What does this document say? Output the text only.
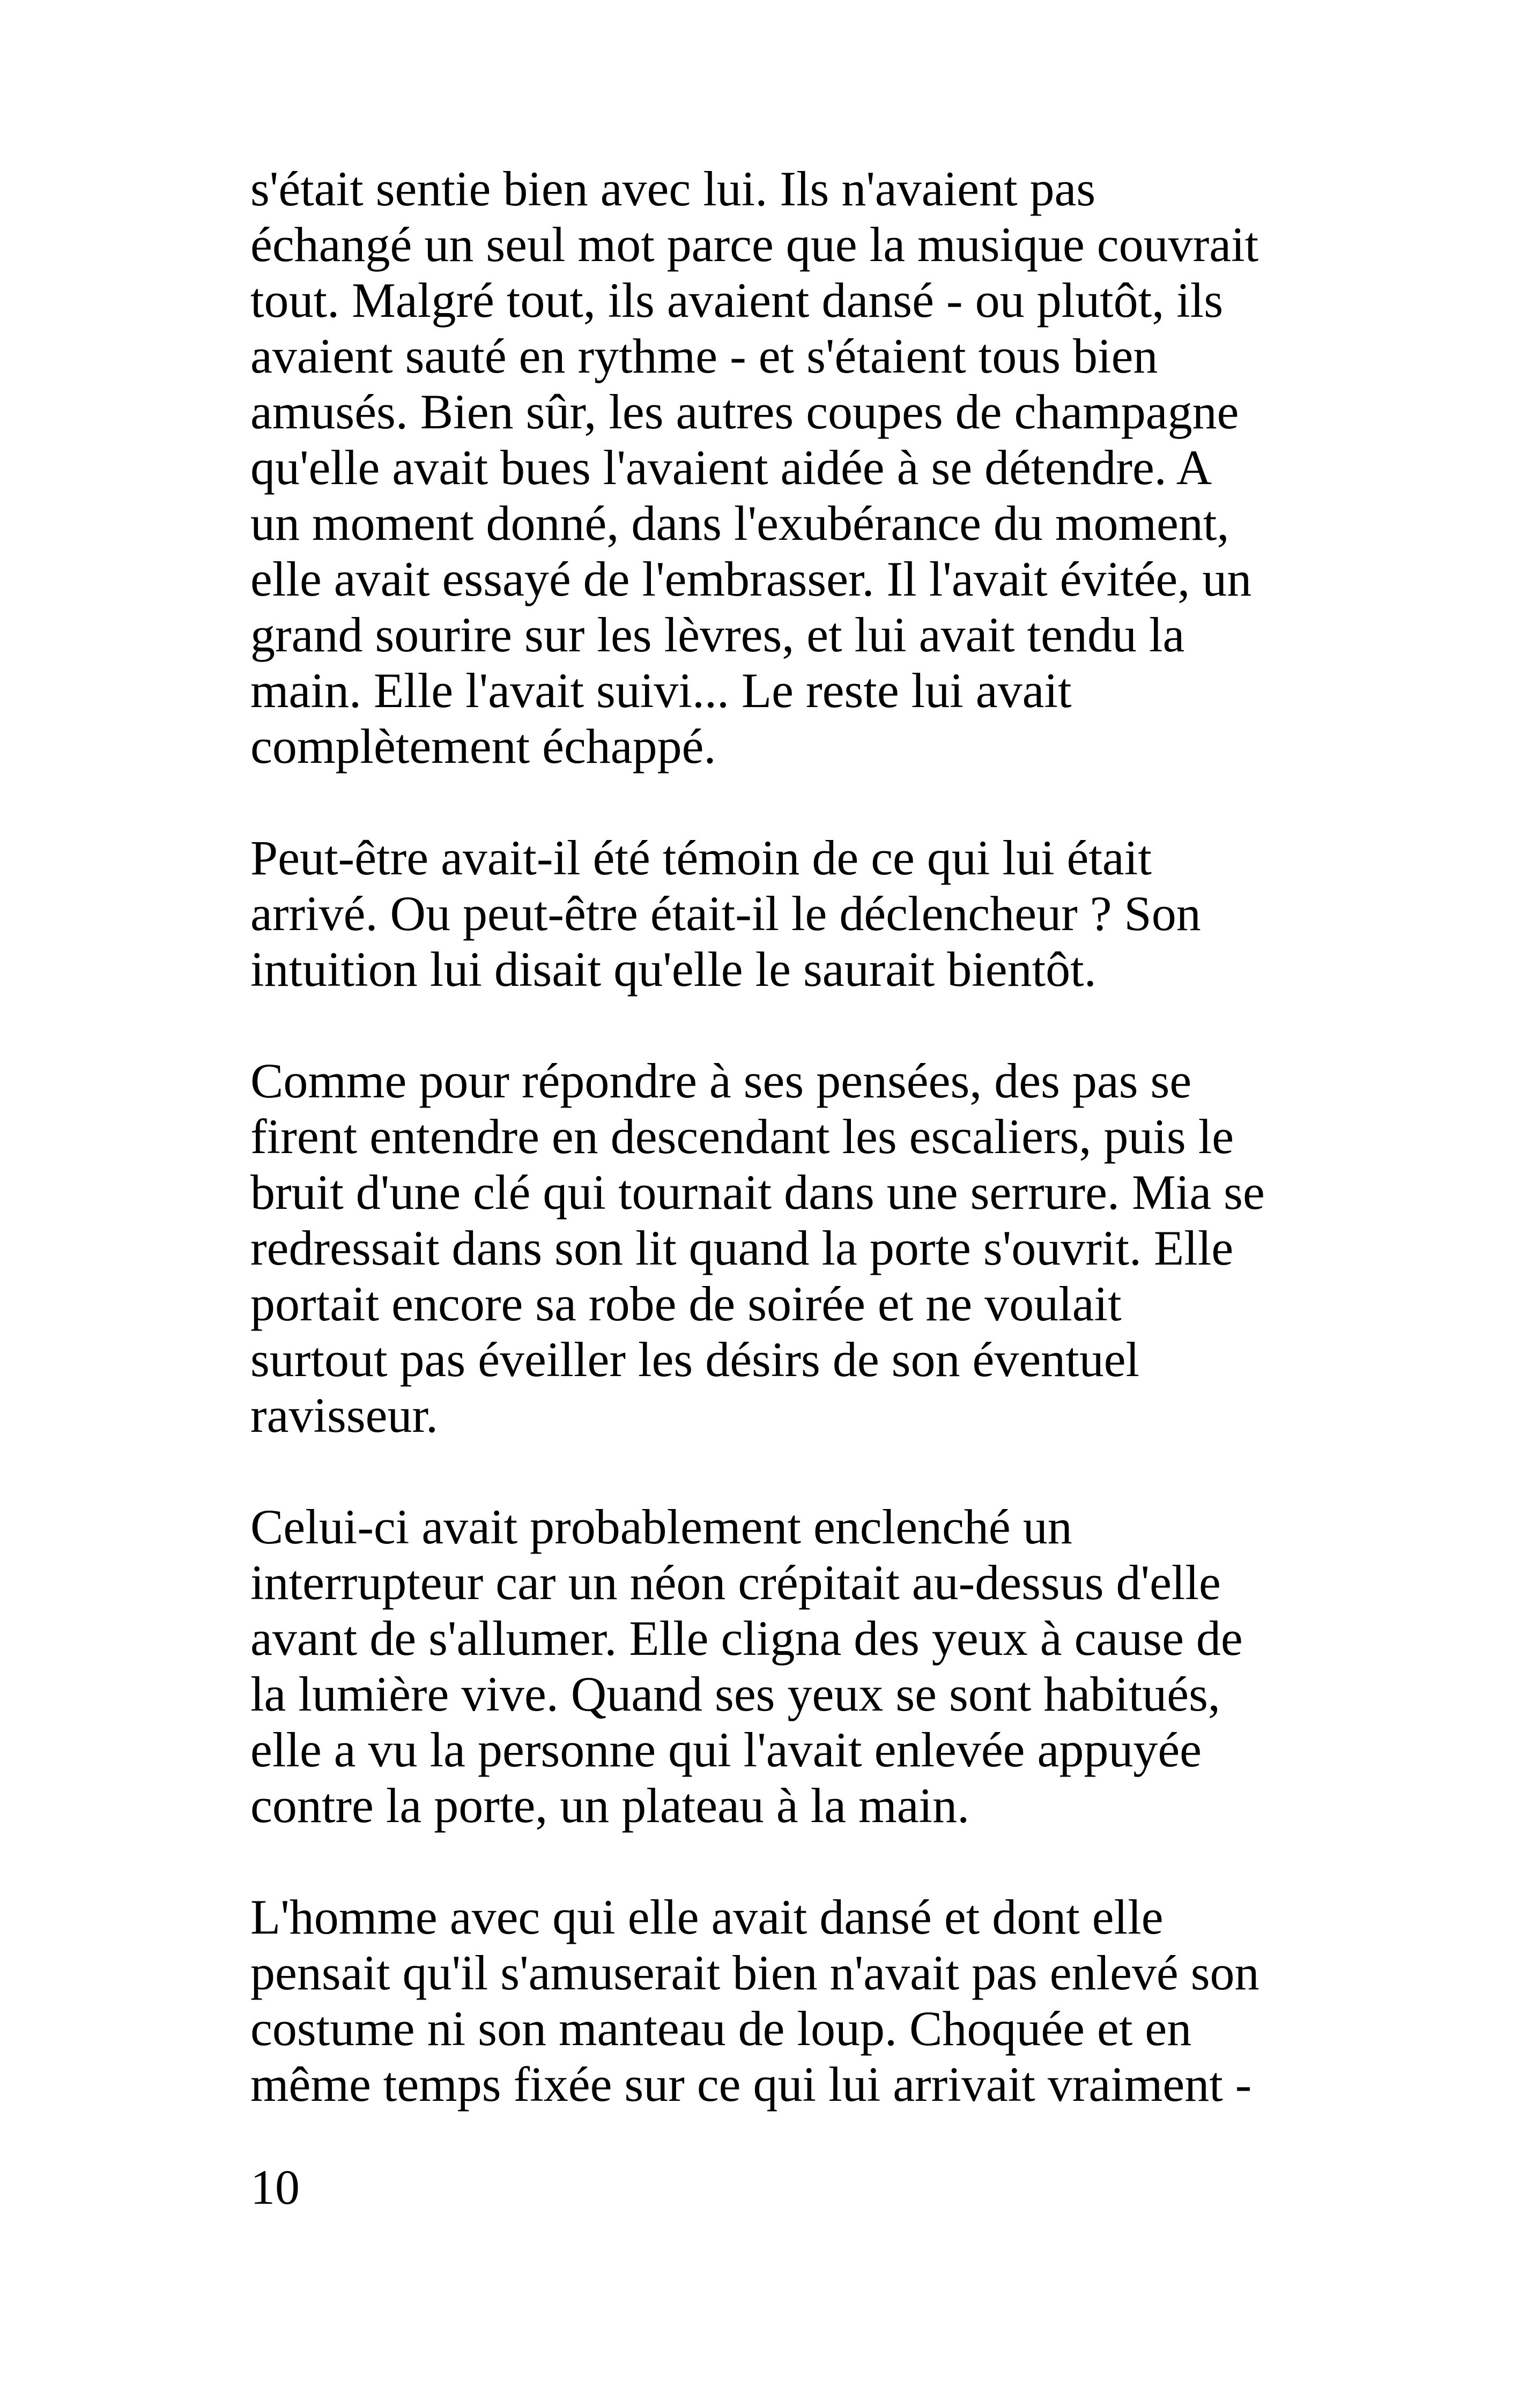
s'était sentie bien avec lui. Ils n'avaient pas
échangé un seul mot parce que la musique couvrait
tout. Malgré tout, ils avaient dansé - ou plutôt, ils
avaient sauté en rythme - et s'étaient tous bien
amusés. Bien sûr, les autres coupes de champagne
qu'elle avait bues l'avaient aidée à se détendre. A
un moment donné, dans l'exubérance du moment,
elle avait essayé de l'embrasser. Il l'avait évitée, un
grand sourire sur les lèvres, et lui avait tendu la
main. Elle l'avait suivi... Le reste lui avait
complètement échappé.

Peut-être avait-il été témoin de ce qui lui était
arrivé. Ou peut-être était-il le déclencheur ? Son
intuition lui disait qu'elle le saurait bientôt.

Comme pour répondre à ses pensées, des pas se
firent entendre en descendant les escaliers, puis le
bruit d'une clé qui tournait dans une serrure. Mia se
redressait dans son lit quand la porte s'ouvrit. Elle
portait encore sa robe de soirée et ne voulait
surtout pas éveiller les désirs de son éventuel
ravisseur.

Celui-ci avait probablement enclenché un
interrupteur car un néon crépitait au-dessus d'elle
avant de s'allumer. Elle cligna des yeux à cause de
la lumière vive. Quand ses yeux se sont habitués,
elle a vu la personne qui l'avait enlevée appuyée
contre la porte, un plateau à la main.

L'homme avec qui elle avait dansé et dont elle
pensait qu'il s'amuserait bien n'avait pas enlevé son
costume ni son manteau de loup. Choquée et en
même temps fixée sur ce qui lui arrivait vraiment -

10
